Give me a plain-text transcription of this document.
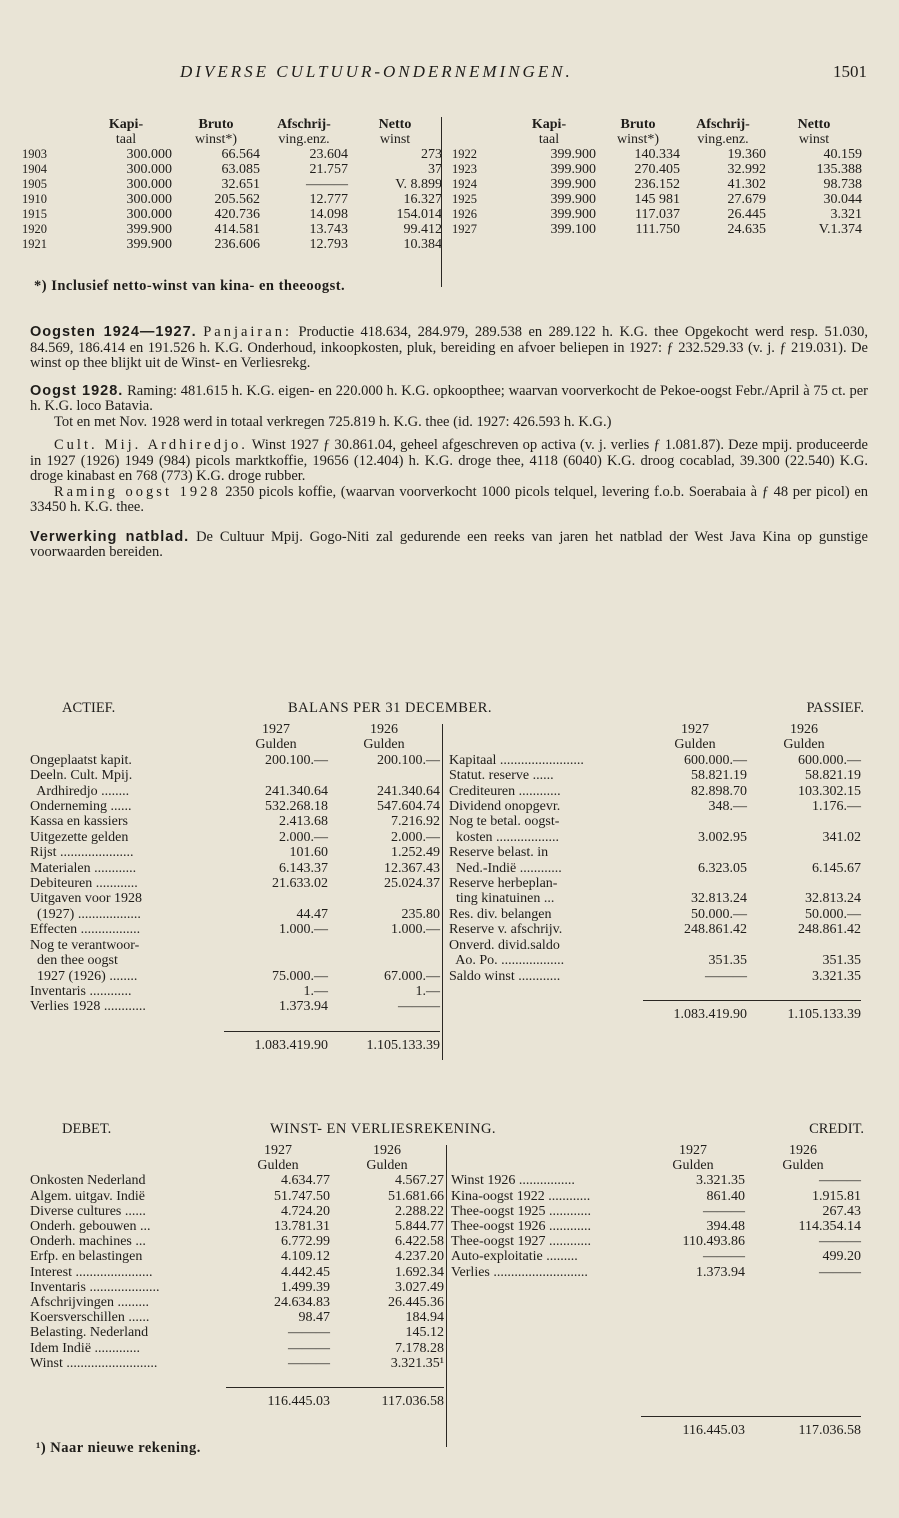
DIVERSE CULTUUR-ONDERNEMINGEN.	1501
	Kapi-	Bruto	Afschrij-	Netto
	taal	winst*)	ving.enz.	winst
1903	300.000	66.564	23.604	273
1904	300.000	63.085	21.757	37
1905	300.000	32.651	———	V. 8.899
1910	300.000	205.562	12.777	16.327
1915	300.000	420.736	14.098	154.014
1920	399.900	414.581	13.743	99.412
1921	399.900	236.606	12.793	10.384
	Kapi-	Bruto	Afschrij-	Netto
	taal	winst*)	ving.enz.	winst
1922	399.900	140.334	19.360	40.159
1923	399.900	270.405	32.992	135.388
1924	399.900	236.152	41.302	98.738
1925	399.900	145 981	27.679	30.044
1926	399.900	117.037	26.445	3.321
1927	399.100	111.750	24.635	V.1.374
*) Inclusief netto-winst van kina- en theeoogst.

Oogsten 1924—1927. Panjairan: Productie 418.634, 284.979, 289.538 en 289.122 h. K.G. thee Opgekocht werd resp. 51.030, 84.569, 186.414 en 191.526 h. K.G. Onderhoud, inkoopkosten, pluk, bereiding en afvoer beliepen in 1927: ƒ 232.529.33 (v. j. ƒ 219.031). De winst op thee blijkt uit de Winst- en Verliesrekg.

Oogst 1928. Raming: 481.615 h. K.G. eigen- en 220.000 h. K.G. opkoopthee; waarvan voorverkocht de Pekoe-oogst Febr./April à 75 ct. per h. K.G. loco Batavia.

Tot en met Nov. 1928 werd in totaal verkregen 725.819 h. K.G. thee (id. 1927: 426.593 h. K.G.)

Cult. Mij. Ardhiredjo. Winst 1927 ƒ 30.861.04, geheel afgeschreven op activa (v. j. verlies ƒ 1.081.87). Deze mpij. produceerde in 1927 (1926) 1949 (984) picols marktkoffie, 19656 (12.404) h. K.G. droge thee, 4118 (6040) K.G. droog cocablad, 39.300 (22.540) K.G. droge kinabast en 768 (773) K.G. droge rubber.

Raming oogst 1928 2350 picols koffie, (waarvan voorverkocht 1000 picols telquel, levering f.o.b. Soerabaia à ƒ 48 per picol) en 33450 h. K.G. thee.

Verwerking natblad. De Cultuur Mpij. Gogo-Niti zal gedurende een reeks van jaren het natblad der West Java Kina op gunstige voorwaarden bereiden.

ACTIEF.	BALANS PER 31 DECEMBER.	PASSIEF.
	1927	1926
	Gulden	Gulden
Ongeplaatst kapit.	200.100.—	200.100.—
Deeln. Cult. Mpij.		
Ardhiredjo ........	241.340.64	241.340.64
Onderneming ......	532.268.18	547.604.74
Kassa en kassiers	2.413.68	7.216.92
Uitgezette gelden	2.000.—	2.000.—
Rijst .....................	101.60	1.252.49
Materialen ............	6.143.37	12.367.43
Debiteuren ............	21.633.02	25.024.37
Uitgaven voor 1928		
(1927) ..................	44.47	235.80
Effecten .................	1.000.—	1.000.—
Nog te verantwoor-		
den thee oogst		
1927 (1926) ........	75.000.—	67.000.—
Inventaris ............	1.—	1.—
Verlies 1928 ............	1.373.94	———

	1.083.419.90	1.105.133.39
	1927	1926
	Gulden	Gulden
Kapitaal ........................	600.000.—	600.000.—
Statut. reserve ......	58.821.19	58.821.19
Crediteuren ............	82.898.70	103.302.15
Dividend onopgevr.	348.—	1.176.—
Nog te betal. oogst-		
kosten ..................	3.002.95	341.02
Reserve belast. in		
Ned.-Indië ............	6.323.05	6.145.67
Reserve herbeplan-		
ting kinatuinen ...	32.813.24	32.813.24
Res. div. belangen	50.000.—	50.000.—
Reserve v. afschrijv.	248.861.42	248.861.42
Onverd. divid.saldo		
Ao. Po. ..................	351.35	351.35
Saldo winst ............	———	3.321.35

	1.083.419.90	1.105.133.39
DEBET.	WINST- EN VERLIESREKENING.	CREDIT.
	1927	1926
	Gulden	Gulden
Onkosten Nederland	4.634.77	4.567.27
Algem. uitgav. Indië	51.747.50	51.681.66
Diverse cultures ......	4.724.20	2.288.22
Onderh. gebouwen ...	13.781.31	5.844.77
Onderh. machines ...	6.772.99	6.422.58
Erfp. en belastingen	4.109.12	4.237.20
Interest ......................	4.442.45	1.692.34
Inventaris ....................	1.499.39	3.027.49
Afschrijvingen .........	24.634.83	26.445.36
Koersverschillen ......	98.47	184.94
Belasting. Nederland	———	145.12
Idem Indië .............	———	7.178.28
Winst ..........................	———	3.321.35¹

	116.445.03	117.036.58
	1927	1926
	Gulden	Gulden
Winst 1926 ................	3.321.35	———
Kina-oogst 1922 ............	861.40	1.915.81
Thee-oogst 1925 ............	———	267.43
Thee-oogst 1926 ............	394.48	114.354.14
Thee-oogst 1927 ............	110.493.86	———
Auto-exploitatie .........	———	499.20
Verlies ...........................	1.373.94	———
	116.445.03	117.036.58
¹) Naar nieuwe rekening.
